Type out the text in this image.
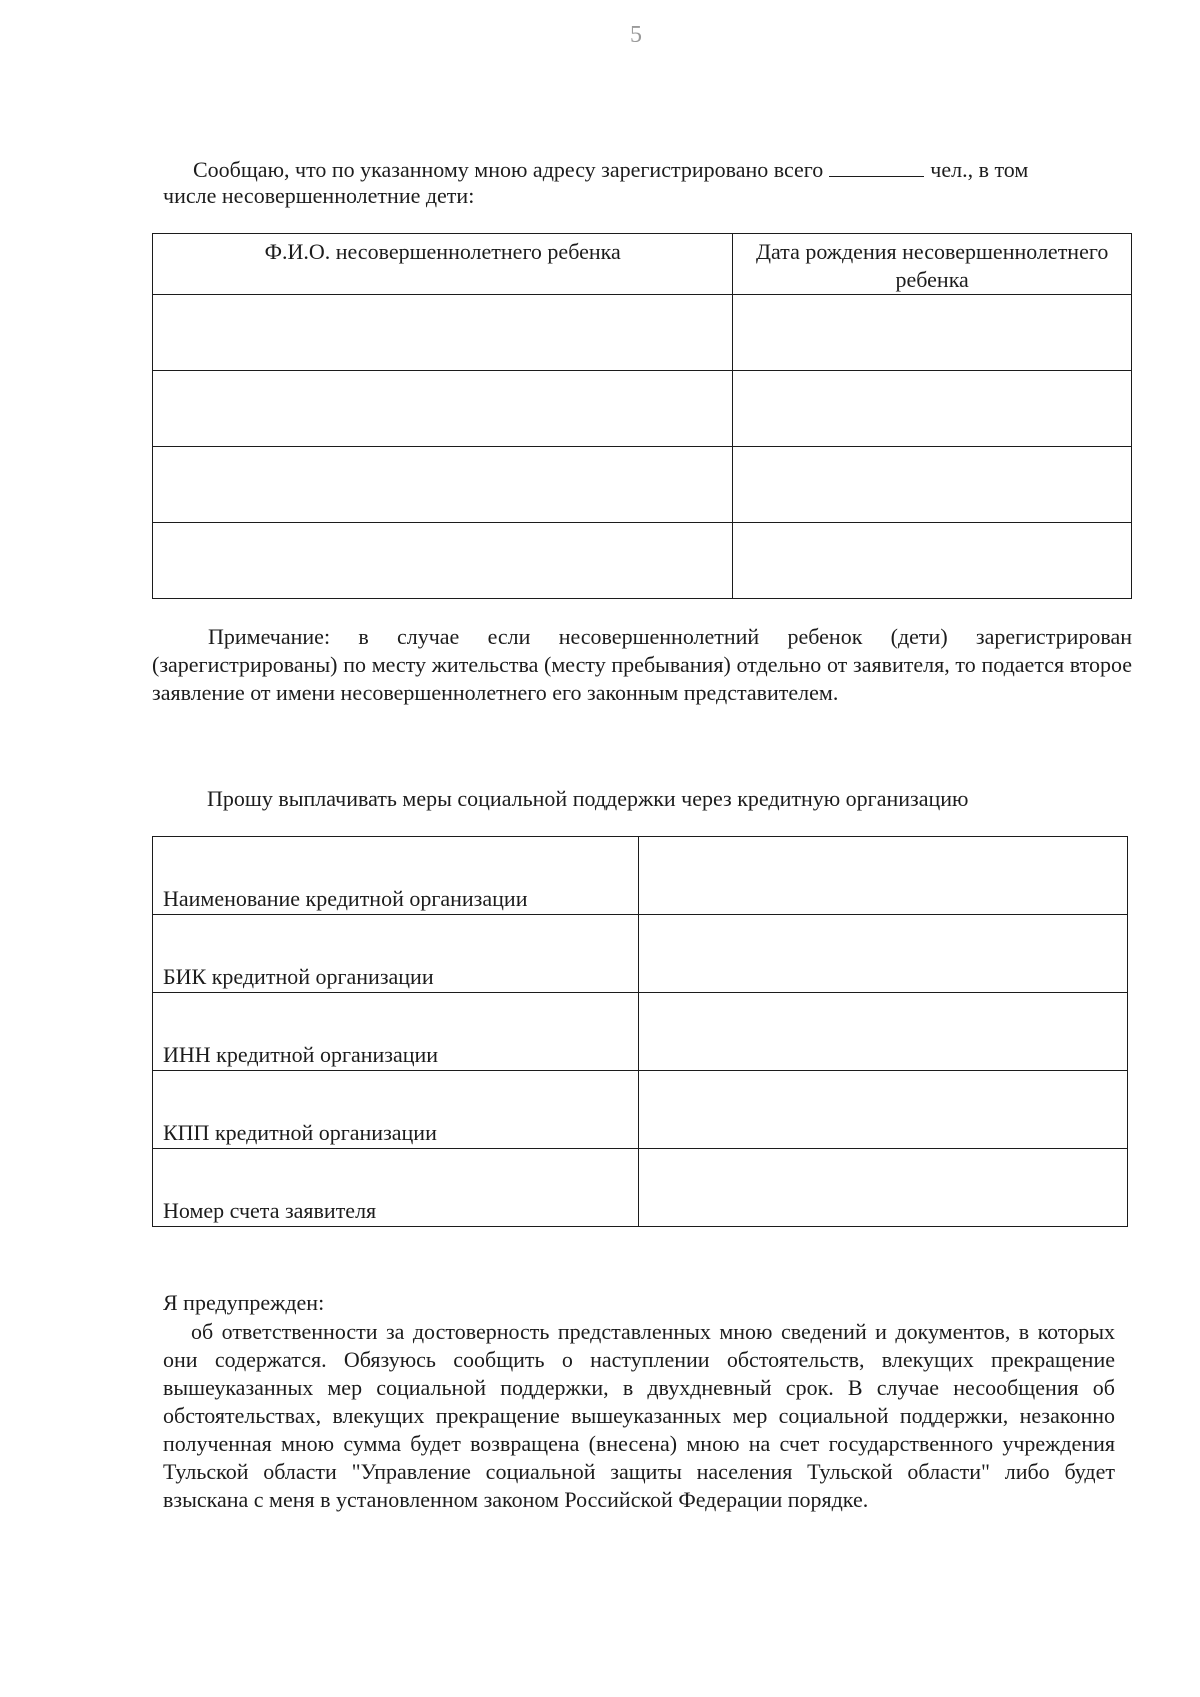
5
Сообщаю, что по указанному мною адресу зарегистрировано всего	чел., в том
числе несовершеннолетние дети:
Ф.И.О. несовершеннолетнего ребенка	Дата рождения несовершеннолетнего ребенка

Примечание: в случае если несовершеннолетний ребенок (дети) зарегистрирован (зарегистрированы) по месту жительства (месту пребывания) отдельно от заявителя, то подается второе заявление от имени несовершеннолетнего его законным представителем.
Прошу выплачивать меры социальной поддержки через кредитную организацию
Наименование кредитной организации	
БИК кредитной организации	
ИНН кредитной организации	
КПП кредитной организации	
Номер счета заявителя	
Я предупрежден:
об ответственности за достоверность представленных мною сведений и документов, в которых они содержатся. Обязуюсь сообщить о наступлении обстоятельств, влекущих прекращение вышеуказанных мер социальной поддержки, в двухдневный срок. В случае несообщения об обстоятельствах, влекущих прекращение вышеуказанных мер социальной поддержки, незаконно полученная мною сумма будет возвращена (внесена) мною на счет государственного учреждения Тульской области "Управление социальной защиты населения Тульской области" либо будет взыскана с меня в установленном законом Российской Федерации порядке.
